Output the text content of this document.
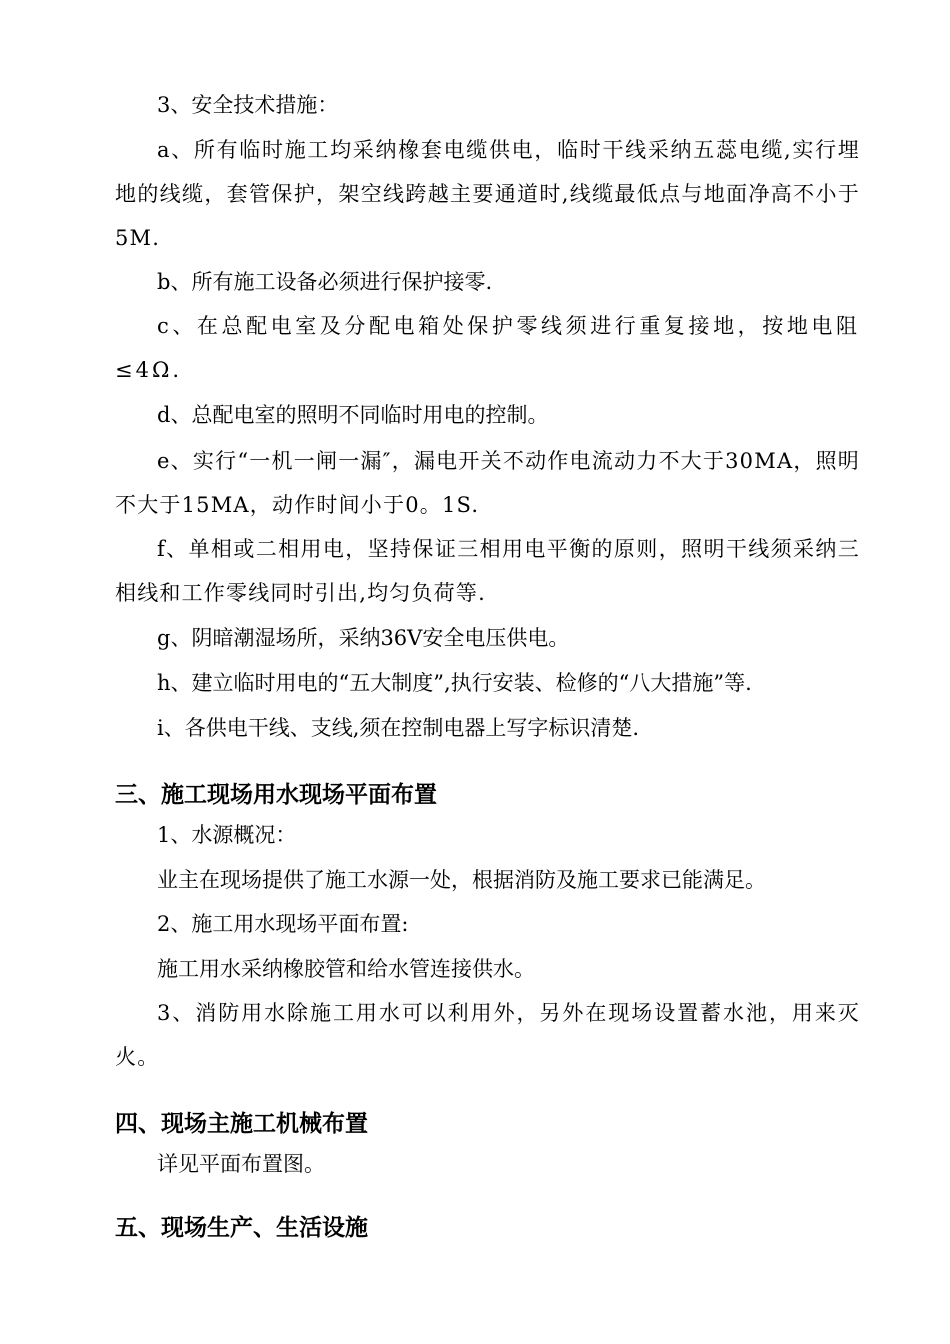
3、安全技术措施：

a、所有临时施工均采纳橡套电缆供电，临时干线采纳五蕊电缆,实行埋地的线缆，套管保护，架空线跨越主要通道时,线缆最低点与地面净高不小于5M.

b、所有施工设备必须进行保护接零.

c、在总配电室及分配电箱处保护零线须进行重复接地，按地电阻≤4Ω.

d、总配电室的照明不同临时用电的控制。

e、实行“一机一闸一漏″，漏电开关不动作电流动力不大于30MA，照明不大于15MA，动作时间小于0。1S.

f、单相或二相用电，坚持保证三相用电平衡的原则，照明干线须采纳三相线和工作零线同时引出,均匀负荷等.

g、阴暗潮湿场所，采纳36V安全电压供电。

h、建立临时用电的“五大制度”,执行安装、检修的“八大措施”等.

i、各供电干线、支线,须在控制电器上写字标识清楚.

三、施工现场用水现场平面布置

1、水源概况：

业主在现场提供了施工水源一处，根据消防及施工要求已能满足。

2、施工用水现场平面布置:

施工用水采纳橡胶管和给水管连接供水。

3、消防用水除施工用水可以利用外，另外在现场设置蓄水池，用来灭火。

四、现场主施工机械布置

详见平面布置图。

五、现场生产、生活设施
